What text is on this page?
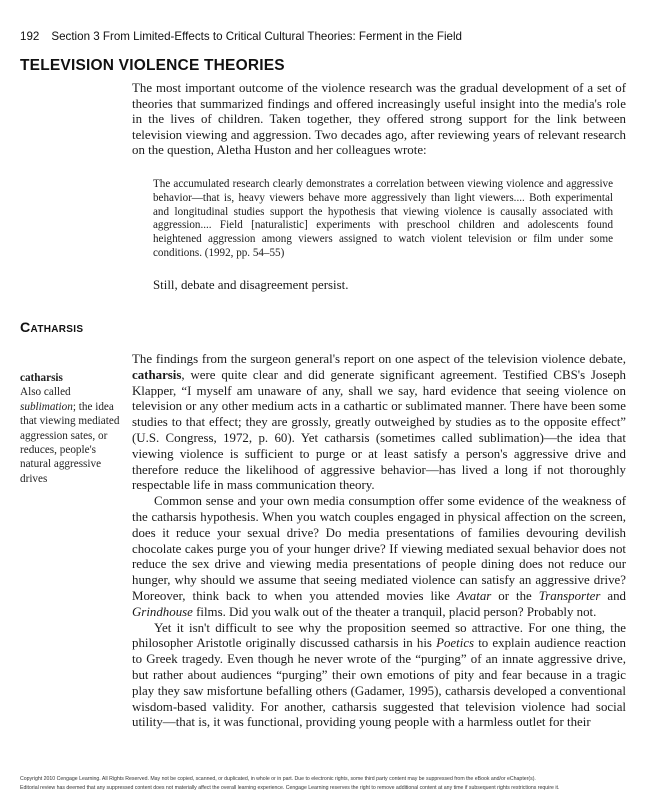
192 Section 3 From Limited-Effects to Critical Cultural Theories: Ferment in the Field
TELEVISION VIOLENCE THEORIES

The most important outcome of the violence research was the gradual development of a set of theories that summarized findings and offered increasingly useful insight into the media's role in the lives of children. Taken together, they offered strong support for the link between television viewing and aggression. Two decades ago, after reviewing years of relevant research on the question, Aletha Huston and her colleagues wrote:

The accumulated research clearly demonstrates a correlation between viewing violence and aggressive behavior—that is, heavy viewers behave more aggressively than light viewers.... Both experimental and longitudinal studies support the hypothesis that viewing violence is causally associated with aggression.... Field [naturalistic] experiments with preschool children and adolescents found heightened aggression among viewers assigned to watch violent television or film under some conditions. (1992, pp. 54–55)

Still, debate and disagreement persist.

Catharsis
catharsis
Also called sublimation; the idea that viewing mediated aggression sates, or reduces, people's natural aggressive drives

The findings from the surgeon general's report on one aspect of the television violence debate, catharsis, were quite clear and did generate significant agreement. Testified CBS's Joseph Klapper, “I myself am unaware of any, shall we say, hard evidence that seeing violence on television or any other medium acts in a cathartic or sublimated manner. There have been some studies to that effect; they are grossly, greatly outweighed by studies as to the opposite effect” (U.S. Congress, 1972, p. 60). Yet catharsis (sometimes called sublimation)—the idea that viewing violence is sufficient to purge or at least satisfy a person's aggressive drive and therefore reduce the likelihood of aggressive behavior—has lived a long if not thoroughly respectable life in mass communication theory.

Common sense and your own media consumption offer some evidence of the weakness of the catharsis hypothesis. When you watch couples engaged in physical affection on the screen, does it reduce your sexual drive? Do media presentations of families devouring devilish chocolate cakes purge you of your hunger drive? If viewing mediated sexual behavior does not reduce the sex drive and viewing media presentations of people dining does not reduce our hunger, why should we assume that seeing mediated violence can satisfy an aggressive drive? Moreover, think back to when you attended movies like Avatar or the Transporter and Grindhouse films. Did you walk out of the theater a tranquil, placid person? Probably not.

Yet it isn't difficult to see why the proposition seemed so attractive. For one thing, the philosopher Aristotle originally discussed catharsis in his Poetics to explain audience reaction to Greek tragedy. Even though he never wrote of the “purging” of an innate aggressive drive, but rather about audiences “purging” their own emotions of pity and fear because in a tragic play they saw misfortune befalling others (Gadamer, 1995), catharsis developed a conventional wisdom-based validity. For another, catharsis suggested that television violence had social utility—that is, it was functional, providing young people with a harmless outlet for their

Copyright 2010 Cengage Learning. All Rights Reserved. May not be copied, scanned, or duplicated, in whole or in part. Due to electronic rights, some third party content may be suppressed from the eBook and/or eChapter(s).
Editorial review has deemed that any suppressed content does not materially affect the overall learning experience. Cengage Learning reserves the right to remove additional content at any time if subsequent rights restrictions require it.
